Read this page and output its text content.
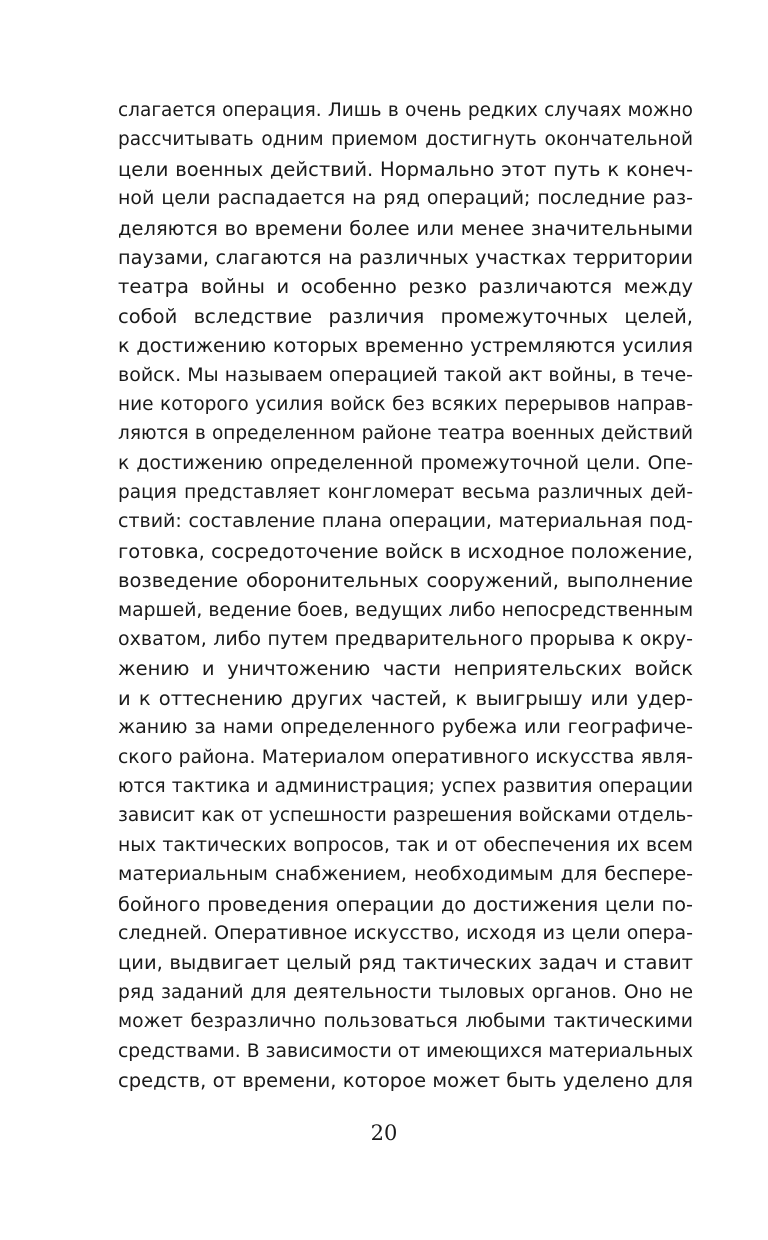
слагается операция. Лишь в очень редких случаях можно
рассчитывать одним приемом достигнуть окончательной
цели военных действий. Нормально этот путь к конеч-
ной цели распадается на ряд операций; последние раз-
деляются во времени более или менее значительными
паузами, слагаются на различных участках территории
театра войны и особенно резко различаются между
собой вследствие различия промежуточных целей,
к достижению которых временно устремляются усилия
войск. Мы называем операцией такой акт войны, в тече-
ние которого усилия войск без всяких перерывов направ-
ляются в определенном районе театра военных действий
к достижению определенной промежуточной цели. Опе-
рация представляет конгломерат весьма различных дей-
ствий: составление плана операции, материальная под-
готовка, сосредоточение войск в исходное положение,
возведение оборонительных сооружений, выполнение
маршей, ведение боев, ведущих либо непосредственным
охватом, либо путем предварительного прорыва к окру-
жению и уничтожению части неприятельских войск
и к оттеснению других частей, к выигрышу или удер-
жанию за нами определенного рубежа или географиче-
ского района. Материалом оперативного искусства явля-
ются тактика и администрация; успех развития операции
зависит как от успешности разрешения войсками отдель-
ных тактических вопросов, так и от обеспечения их всем
материальным снабжением, необходимым для беспере-
бойного проведения операции до достижения цели по-
следней. Оперативное искусство, исходя из цели опера-
ции, выдвигает целый ряд тактических задач и ставит
ряд заданий для деятельности тыловых органов. Оно не
может безразлично пользоваться любыми тактическими
средствами. В зависимости от имеющихся материальных
средств, от времени, которое может быть уделено для
20
